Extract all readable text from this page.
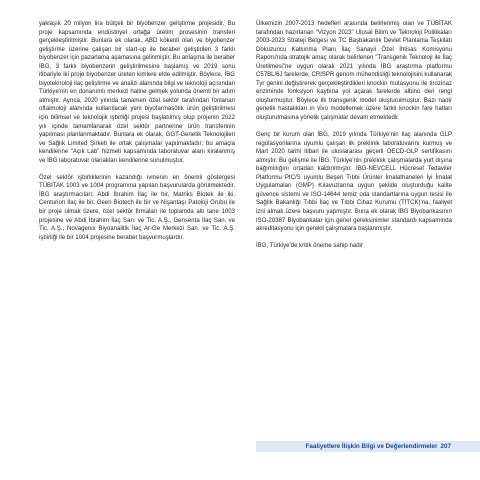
yaklaşık 20 milyon lira bütçeli bir biyobenzer geliştirme projesidir. Bu proje kapsamında endüstriyel ortağa üretim prosesinin transferi gerçekleştirilmiştir. Bunlara ek olarak, ABD kökenli olan ve biyobenzer geliştirme üzerine çalışan bir start-up ile beraber geliştirilen 3 farklı biyobenzer için pazarlama aşamasına gelinmiştir. Bu anlaşma ile beraber İBG, 3 farklı biyobenzerin geliştirilmesine başlamış ve 2019 sonu itibariyle iki proje biyobenzer üreten kimlere elde edilmiştir. Böylece, İBG biyoteknoloji ilaç geliştirme ve analizi alanında bilgi ve teknoloji açısından Türkiye'nin en donanımlı merkezi haline gelmek yolunda önemli bir adım atmıştır. Ayrıca, 2020 yılında tamamen özel sektör tarafından fonlanan oftalmoloji alanında kullanılacak yeni biyofarmasötik ürün geliştirilmesi için bilimsel ve teknolojik işbirliği projesi başlatılmış olup projenin 2022 yılı içinde tamamlanarak özel sektör partnerine ürün transferinin yapılması planlanmaktadır. Bunlara ek olarak, GGT-Genetik Teknolojileri ve Sağlık Limited Şirketi ile ortak çalışmalar yapılmaktadır; bu amaçla kendilerine "Açık Lab" hizmeti kapsamında laboratuvar alanı kiralanmış ve İBG laboratuvar olanakları kendilerine sunulmuştur.

Özel sektör işbirliklerinin kazandığı ivmenin en önemli göstergesi TÜBİTAK 1003 ve 1004 programına yapılan başvurularda görülmektedir. İBG araştırmacıları; Abdi İbrahim İlaç ile bir, Matriks Biotek ile iki, Centurion İlaç ile bir, Geen Biotech ile bir ve Nişantaşı Patoloji Grubu ile bir proje olmak üzere, özel sektör firmaları ile toplamda altı tane 1003 projesine ve Abdi İbrahim İlaç San. ve Tic. A.Ş., Gensenta İlaç San. ve Tic. A.Ş., Novagenix Biyoanalitik İlaç Ar-Ge Merkezi San. ve Tic. A.Ş. işbirliği ile bir 1004 projesine beraber başvurmuşlardır.

Ülkemizin 2007-2013 hedefleri arasında belirlenmiş olan ve TÜBİTAK tarafından hazırlanan "Vizyon 2023" Ulusal Bilim ve Teknoloji Politikaları 2003-2023 Strateji Belgesi ve TC Başbakanlık Devlet Planlama Teşkilatı Dokuzuncu Kalkınma Planı İlaç Sanayii Özel İhtisas Komisyonu Raporu'nda stratejik amaç olarak belirlenen "Transgenik Teknoloji ile İlaç Üretilmesi"ne uygun olarak 2021 yılında İBG araştırma platformu C57BL/6J farelerde, CRISPR genom mühendisliği teknolojisini kullanarak Tyr genini değiştirerek gerçekleştirdikleri knockin mutasyonu ile tirozinaz enziminde fonksiyon kaybına yol açarak farelerde albino deri rengi oluşturmuştur. Böylece ilk transgenik model oluşturulmuştur. Bazı nadir genetik hastalıkları in vivo modellemek üzere farklı knockin fare hatları oluşturulmasına yönelik çalışmalar devam etmektedir.

Genç bir kurum olan İBG, 2019 yılında Türkiye'nin ilaç alanında GLP regülasyonlarına uyumlu çalışan ilk preklinik laboratuvarını kurmuş ve Mart 2020 tarihi itibari ile uluslararası geçerli OECD-GLP sertifikasını almıştır. Bu gelişme ile İBG, Türkiye'nin preklinik çalışmalarda yurt dışına bağımlılığını ortadan kaldırılmıştır. İBG-NEVCELL Hücresel Tedaviler Platformu PIC/S uyumlu Beşeri Tıbbi Ürünler İmalathaneleri İyi İmalat Uygulamaları (GMP) Kılavuzlarına uygun şekilde oluşturduğu kalite güvence sistemi ve ISO-14644 temiz oda standartlarına uygun tesisi ile Sağlık Bakanlığı Tıbbi İlaç ve Tıbbi Cihaz Kurumu (TİTCK)'na, faaliyet izni almak üzere başvuru yapmıştır. Buna ek olarak İBG Biyobankasının ISO-20387 Biyobankalar için genel gereksinimler standardı kapsamında akreditasyonu için gerekli çalışmalara başlanmıştır.

İBG, Türkiye'de kritik öneme sahip nadir

Faaliyetlere İlişkin Bilgi ve Değerlendirmeler 207
